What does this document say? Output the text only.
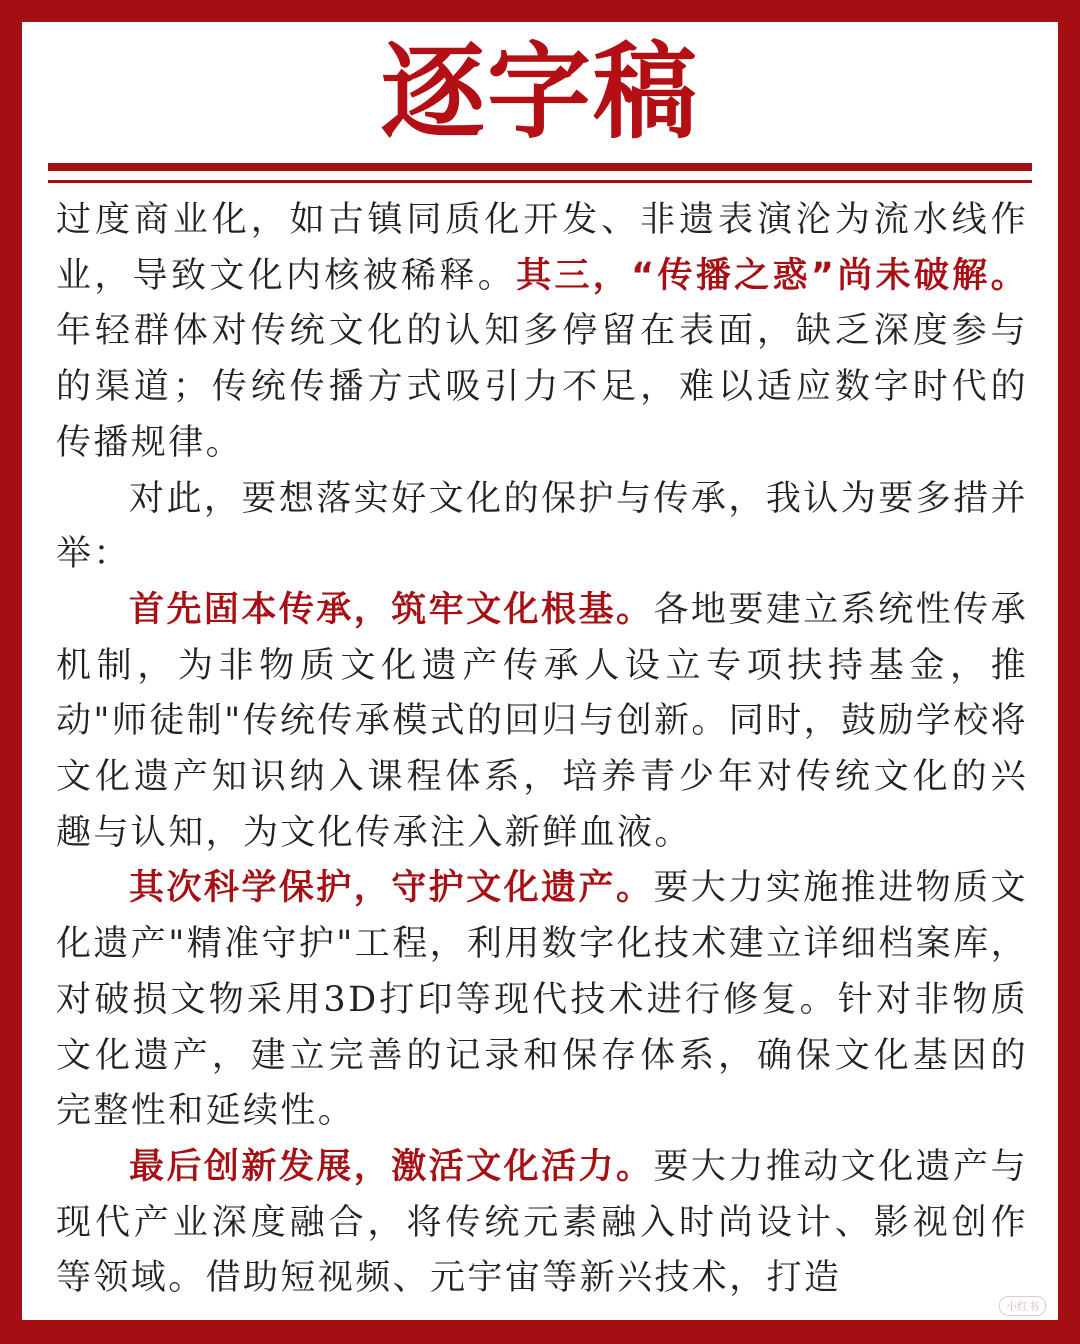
逐字稿

过度商业化，如古镇同质化开发、非遗表演沦为流水线作业，导致文化内核被稀释。其三，“传播之惑”尚未破解。年轻群体对传统文化的认知多停留在表面，缺乏深度参与的渠道；传统传播方式吸引力不足，难以适应数字时代的传播规律。

对此，要想落实好文化的保护与传承，我认为要多措并举：

首先固本传承，筑牢文化根基。各地要建立系统性传承机制，为非物质文化遗产传承人设立专项扶持基金，推动"师徒制"传统传承模式的回归与创新。同时，鼓励学校将文化遗产知识纳入课程体系，培养青少年对传统文化的兴趣与认知，为文化传承注入新鲜血液。

其次科学保护，守护文化遗产。要大力实施推进物质文化遗产"精准守护"工程，利用数字化技术建立详细档案库，对破损文物采用3D打印等现代技术进行修复。针对非物质文化遗产，建立完善的记录和保存体系，确保文化基因的完整性和延续性。

最后创新发展，激活文化活力。要大力推动文化遗产与现代产业深度融合，将传统元素融入时尚设计、影视创作等领域。借助短视频、元宇宙等新兴技术，打造

小红书
